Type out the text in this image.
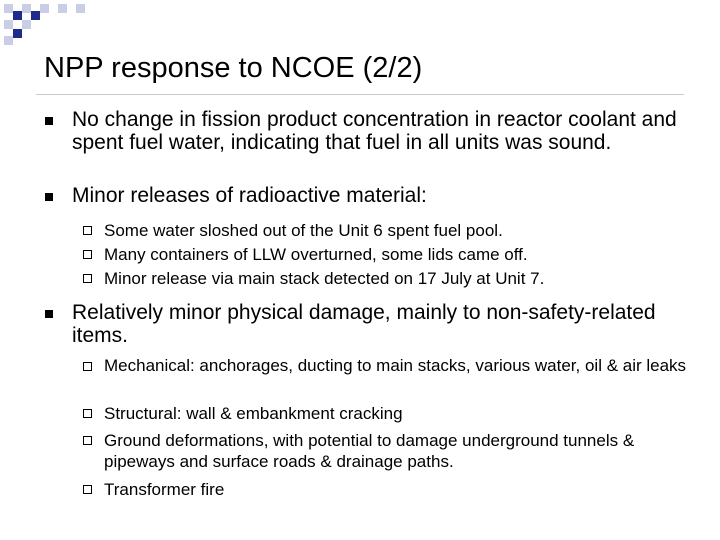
NPP response to NCOE (2/2)
No change in fission product concentration in reactor coolant and spent fuel water, indicating that fuel in all units was sound.
Minor releases of radioactive material:
Some water sloshed out of the Unit 6 spent fuel pool.
Many containers of LLW overturned, some lids came off.
Minor release via main stack detected on 17 July at Unit 7.
Relatively minor physical damage, mainly to non-safety-related items.
Mechanical: anchorages, ducting to main stacks, various water, oil & air leaks
Structural: wall & embankment cracking
Ground deformations, with potential to damage underground tunnels & pipeways and surface roads & drainage paths.
Transformer fire
